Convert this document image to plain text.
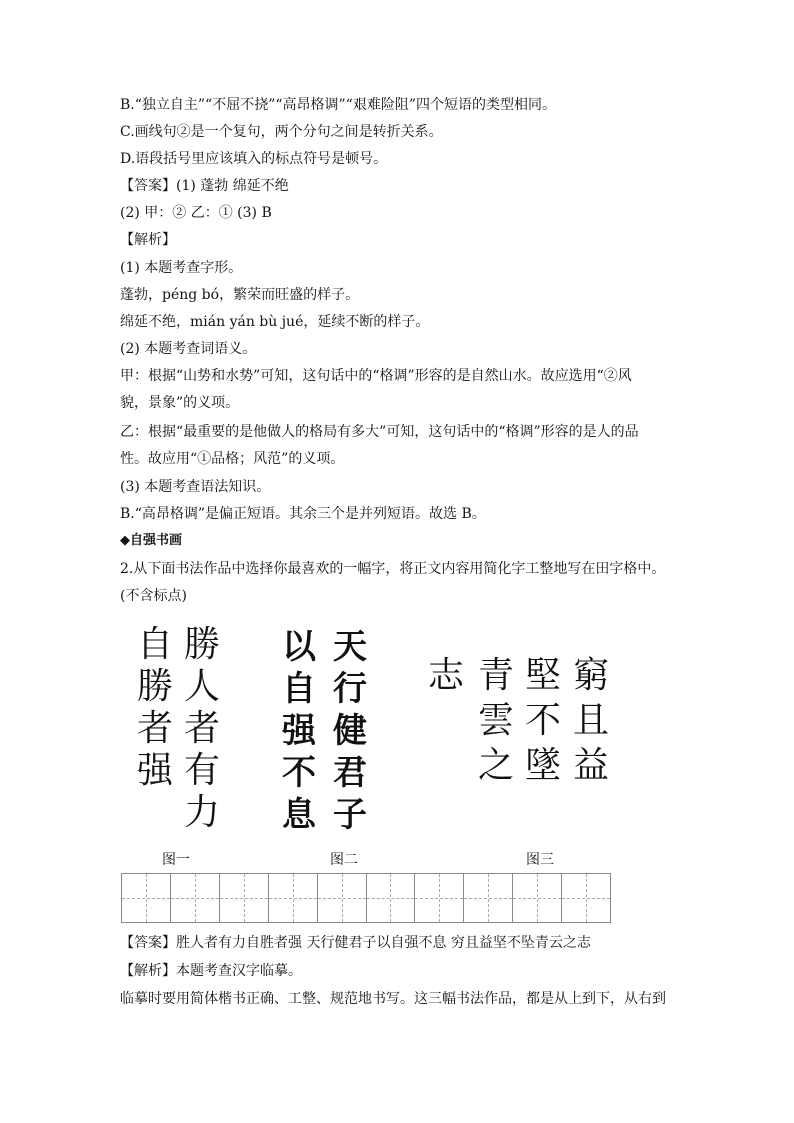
B.“独立自主”“不屈不挠”“高昂格调”“艰难险阻”四个短语的类型相同。
C.画线句②是一个复句，两个分句之间是转折关系。
D.语段括号里应该填入的标点符号是顿号。
【答案】(1) 蓬勃 绵延不绝
(2) 甲：② 乙：① (3) B
【解析】
(1) 本题考查字形。
蓬勃，péng bó，繁荣而旺盛的样子。
绵延不绝，mián yán bù jué，延续不断的样子。
(2) 本题考查词语义。
甲：根据“山势和水势”可知，这句话中的“格调”形容的是自然山水。故应选用“②风
貌，景象”的义项。
乙：根据“最重要的是他做人的格局有多大”可知，这句话中的“格调”形容的是人的品
性。故应用“①品格；风范”的义项。
(3) 本题考查语法知识。
B.“高昂格调”是偏正短语。其余三个是并列短语。故选 B。
◆自强书画
2.从下面书法作品中选择你最喜欢的一幅字，将正文内容用简化字工整地写在田字格中。
(不含标点)
自
勝
者
强
勝
人
者
有
力
以
自
强
不
息
天
行
健
君
子
志 青
雲
之
堅
不
墜
窮
且
益
图一	图二	图三
【答案】胜人者有力自胜者强 天行健君子以自强不息 穷且益坚不坠青云之志
【解析】本题考查汉字临摹。
临摹时要用简体楷书正确、工整、规范地书写。这三幅书法作品，都是从上到下，从右到
